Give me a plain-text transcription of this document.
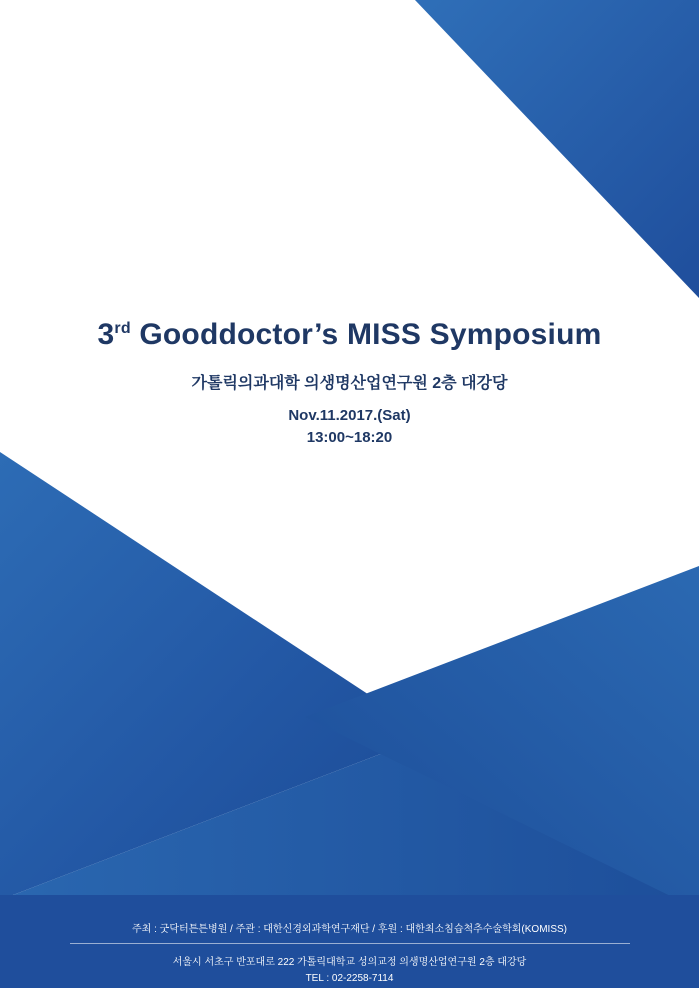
3rd Gooddoctor’s MISS Symposium
가톨릭의과대학 의생명산업연구원 2층 대강당
Nov.11.2017.(Sat)
13:00~18:20
주최 : 굿닥터튼튼병원 / 주관 : 대한신경외과학연구재단 / 후원 : 대한최소침습척추수술학회(KOMISS)
서울시 서초구 반포대로 222 가톨릭대학교 성의교정 의생명산업연구원 2층 대강당
TEL : 02-2258-7114
